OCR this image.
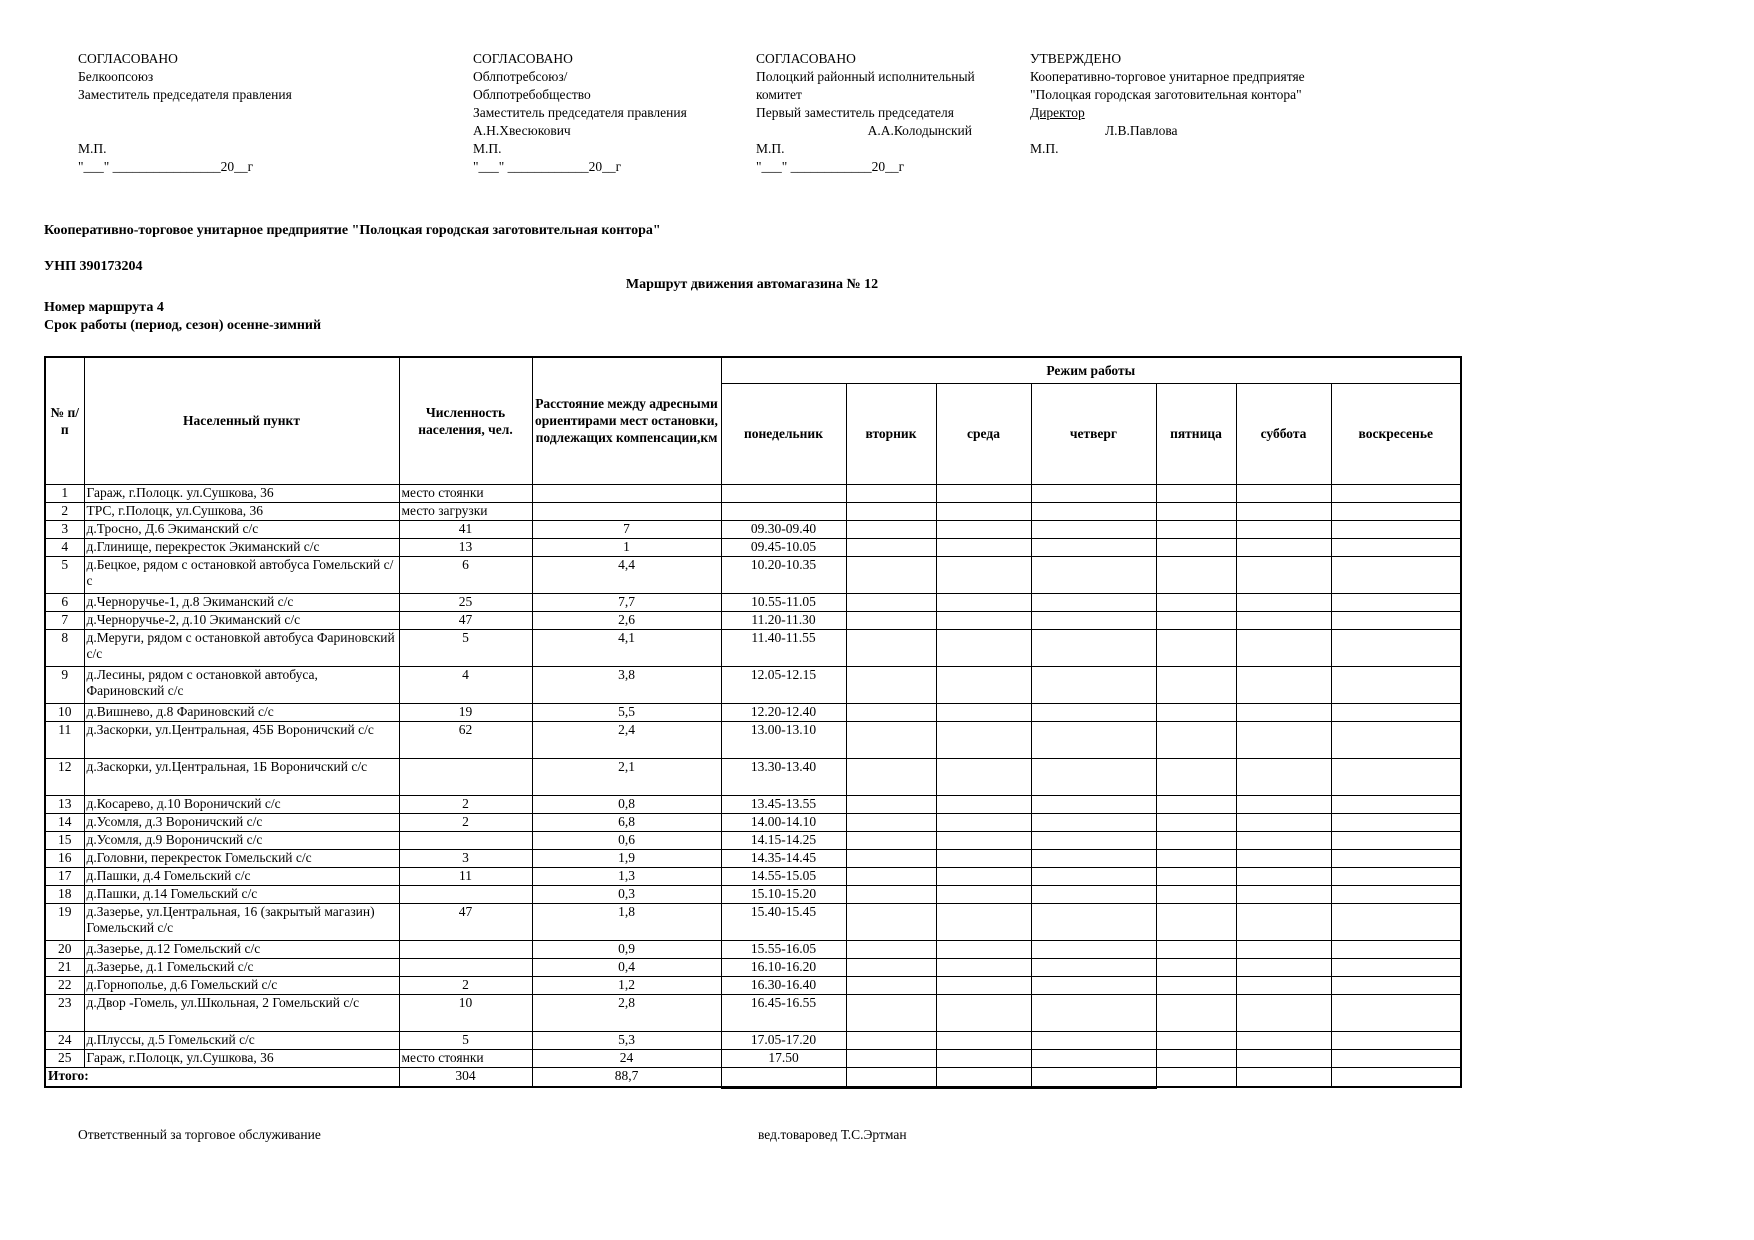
СОГЛАСОВАНО
Белкоопсоюз
Заместитель председателя правления
М.П.
"___" ________________20__г
СОГЛАСОВАНО
Облпотребсоюз/
Облпотребобщество
Заместитель председателя правления
А.Н.Хвесюкович
М.П.
"___" ____________20__г
СОГЛАСОВАНО
Полоцкий районный исполнительный
комитет
Первый заместитель председателя
А.А.Колодынский
М.П.
"___" ____________20__г
УТВЕРЖДЕНО
Кооперативно-торговое унитарное предприятяе
"Полоцкая городская заготовительная контора"
Директор
Л.В.Павлова
М.П.
Кооперативно-торговое унитарное предприятие "Полоцкая городская заготовительная контора"
УНП 390173204
Маршрут движения автомагазина № 12
Номер маршрута 4
Срок работы (период, сезон) осенне-зимний
№ п/п	Населенный пункт	Численность населения, чел.	Расстояние между адресными ориентирами мест остановки, подлежащих компенсации,км	Режим работы						
				понедельник	вторник	среда	четверг	пятница	суббота	воскресенье
1	Гараж, г.Полоцк. ул.Сушкова, 36	место стоянки								
2	ТРС, г.Полоцк, ул.Сушкова, 36	место загрузки								
3	д.Тросно, Д.6 Экиманский с/с	41	7	09.30-09.40						
4	д.Глинище, перекресток Экиманский с/с	13	1	09.45-10.05						
5	д.Бецкое, рядом с остановкой автобуса Гомельский с/с	6	4,4	10.20-10.35						
6	д.Черноручье-1, д.8 Экиманский с/с	25	7,7	10.55-11.05						
7	д.Черноручье-2, д.10 Экиманский с/с	47	2,6	11.20-11.30						
8	д.Меруги, рядом с остановкой автобуса Фариновский с/с	5	4,1	11.40-11.55						
9	д.Лесины, рядом с остановкой автобуса, Фариновский с/с	4	3,8	12.05-12.15						
10	д.Вишнево, д.8 Фариновский с/с	19	5,5	12.20-12.40						
11	д.Заскорки, ул.Центральная, 45Б Вороничский с/с	62	2,4	13.00-13.10						
12	д.Заскорки, ул.Центральная, 1Б Вороничский с/с		2,1	13.30-13.40						
13	д.Косарево, д.10 Вороничский с/с	2	0,8	13.45-13.55						
14	д.Усомля, д.3 Вороничский с/с	2	6,8	14.00-14.10						
15	д.Усомля, д.9 Вороничский с/с		0,6	14.15-14.25						
16	д.Головни, перекресток Гомельский с/с	3	1,9	14.35-14.45						
17	д.Пашки, д.4 Гомельский с/с	11	1,3	14.55-15.05						
18	д.Пашки, д.14 Гомельский с/с		0,3	15.10-15.20						
19	д.Зазерье, ул.Центральная, 16 (закрытый магазин) Гомельский с/с	47	1,8	15.40-15.45						
20	д.Зазерье, д.12 Гомельский с/с		0,9	15.55-16.05						
21	д.Зазерье, д.1 Гомельский с/с		0,4	16.10-16.20						
22	д.Горнополье, д.6 Гомельский с/с	2	1,2	16.30-16.40						
23	д.Двор -Гомель, ул.Школьная, 2 Гомельский с/с	10	2,8	16.45-16.55						
24	д.Плуссы, д.5 Гомельский с/с	5	5,3	17.05-17.20						
25	Гараж, г.Полоцк, ул.Сушкова, 36	место стоянки	24	17.50						
Итого:		304	88,7							
Ответственный за торговое обслуживание	вед.товаровед Т.С.Эртман
